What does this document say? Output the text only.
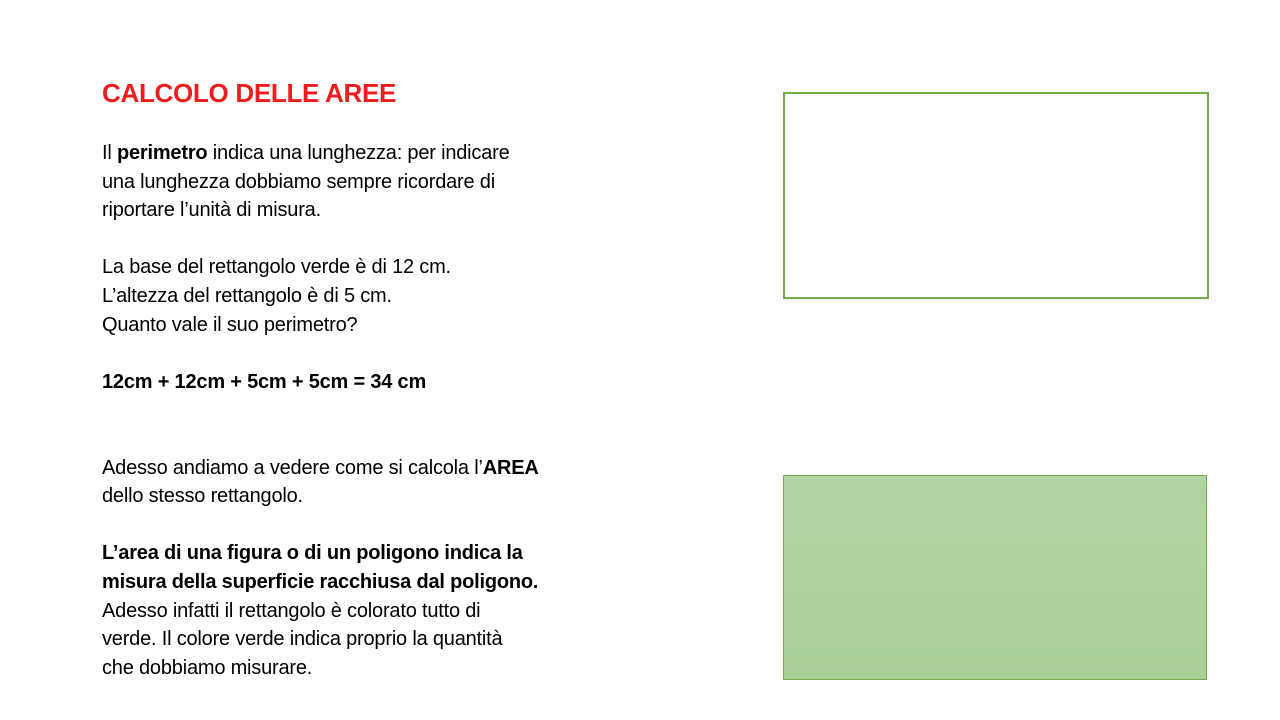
CALCOLO DELLE AREE

Il perimetro indica una lunghezza: per indicare

una lunghezza dobbiamo sempre ricordare di

riportare l’unità di misura.

La base del rettangolo verde è di 12 cm.

L’altezza del rettangolo è di 5 cm.

Quanto vale il suo perimetro?

12cm + 12cm + 5cm + 5cm = 34 cm

Adesso andiamo a vedere come si calcola l’AREA

dello stesso rettangolo.

L’area di una figura o di un poligono indica la

misura della superficie racchiusa dal poligono.

Adesso infatti il rettangolo è colorato tutto di

verde. Il colore verde indica proprio la quantità

che dobbiamo misurare.
